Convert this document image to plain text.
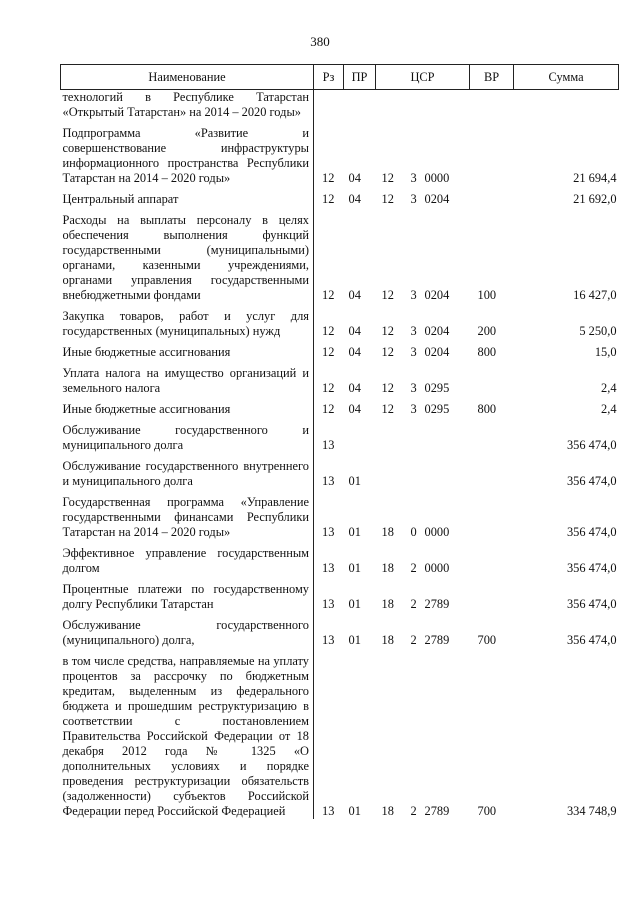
380
Наименование	Рз	ПР	ЦСР			ВР	Сумма

технологий в Республике Татарстан «Открытый Татарстан» на 2014 – 2020 годы»							

Подпрограмма «Развитие и совершенствование инфраструктуры информационного пространства Республики Татарстан на 2014 – 2020 годы»	12	04	12	3	0000		21 694,4

Центральный аппарат	12	04	12	3	0204		21 692,0

Расходы на выплаты персоналу в целях обеспечения выполнения функций государственными (муниципальными) органами, казенными учреждениями, органами управления государственными внебюджетными фондами	12	04	12	3	0204	100	16 427,0

Закупка товаров, работ и услуг для государственных (муниципальных) нужд	12	04	12	3	0204	200	5 250,0

Иные бюджетные ассигнования	12	04	12	3	0204	800	15,0

Уплата налога на имущество организаций и земельного налога	12	04	12	3	0295		2,4

Иные бюджетные ассигнования	12	04	12	3	0295	800	2,4

Обслуживание государственного и муниципального долга	13						356 474,0

Обслуживание государственного внутреннего и муниципального долга	13	01					356 474,0

Государственная программа «Управление государственными финансами Республики Татарстан на 2014 – 2020 годы»	13	01	18	0	0000		356 474,0

Эффективное управление государственным долгом	13	01	18	2	0000		356 474,0

Процентные платежи по государственному долгу Республики Татарстан	13	01	18	2	2789		356 474,0

Обслуживание государственного (муниципального) долга,	13	01	18	2	2789	700	356 474,0

в том числе средства, направляемые на уплату процентов за рассрочку по бюджетным кредитам, выделенным из федерального бюджета и прошедшим реструктуризацию в соответствии с постановлением Правительства Российской Федерации от 18 декабря 2012 года № 1325 «О дополнительных условиях и порядке проведения реструктуризации обязательств (задолженности) субъектов Российской Федерации перед Российской Федерацией	13	01	18	2	2789	700	334 748,9
